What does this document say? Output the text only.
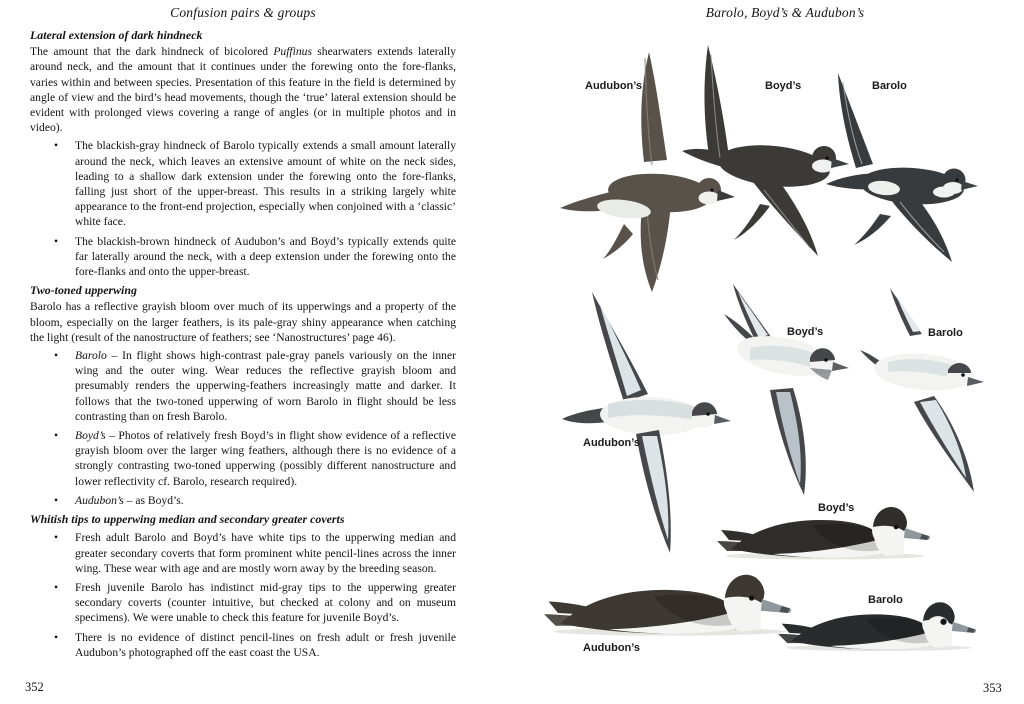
Confusion pairs & groups
Lateral extension of dark hindneck

The amount that the dark hindneck of bicolored Puffinus shearwaters extends laterally around neck, and the amount that it continues under the forewing onto the fore-flanks, varies within and between species. Presentation of this feature in the field is determined by angle of view and the bird’s head movements, though the ‘true’ lateral extension should be evident with prolonged views covering a range of angles (or in multiple photos and in video).

• The blackish-gray hindneck of Barolo typically extends a small amount laterally around the neck, which leaves an extensive amount of white on the neck sides, leading to a shallow dark extension under the forewing onto the fore-flanks, falling just short of the upper-breast. This results in a striking largely white appearance to the front-end projection, especially when conjoined with a ‘classic’ white face.
• The blackish-brown hindneck of Audubon’s and Boyd’s typically extends quite far laterally around the neck, with a deep extension under the forewing onto the fore-flanks and onto the upper-breast.
Two-toned upperwing

Barolo has a reflective grayish bloom over much of its upperwings and a property of the bloom, especially on the larger feathers, is its pale-gray shiny appearance when catching the light (result of the nanostructure of feathers; see ‘Nanostructures’ page 46).

• Barolo – In flight shows high-contrast pale-gray panels variously on the inner wing and the outer wing. Wear reduces the reflective grayish bloom and presumably renders the upperwing-feathers increasingly matte and darker. It follows that the two-toned upperwing of worn Barolo in flight should be less contrasting than on fresh Barolo.
• Boyd’s – Photos of relatively fresh Boyd’s in flight show evidence of a reflective grayish bloom over the larger wing feathers, although there is no evidence of a strongly contrasting two-toned upperwing (possibly different nanostructure and lower reflectivity cf. Barolo, research required).
• Audubon’s – as Boyd’s.
Whitish tips to upperwing median and secondary greater coverts
• Fresh adult Barolo and Boyd’s have white tips to the upperwing median and greater secondary coverts that form prominent white pencil-lines across the inner wing. These wear with age and are mostly worn away by the breeding season.
• Fresh juvenile Barolo has indistinct mid-gray tips to the upperwing greater secondary coverts (counter intuitive, but checked at colony and on museum specimens). We were unable to check this feature for juvenile Boyd’s.
• There is no evidence of distinct pencil-lines on fresh adult or fresh juvenile Audubon’s photographed off the east coast the USA.
352
Barolo, Boyd’s & Audubon’s
Audubon’s	Boyd’s	Barolo
Boyd’s	Barolo
Audubon’s
Boyd’s
Barolo
Audubon’s
353
